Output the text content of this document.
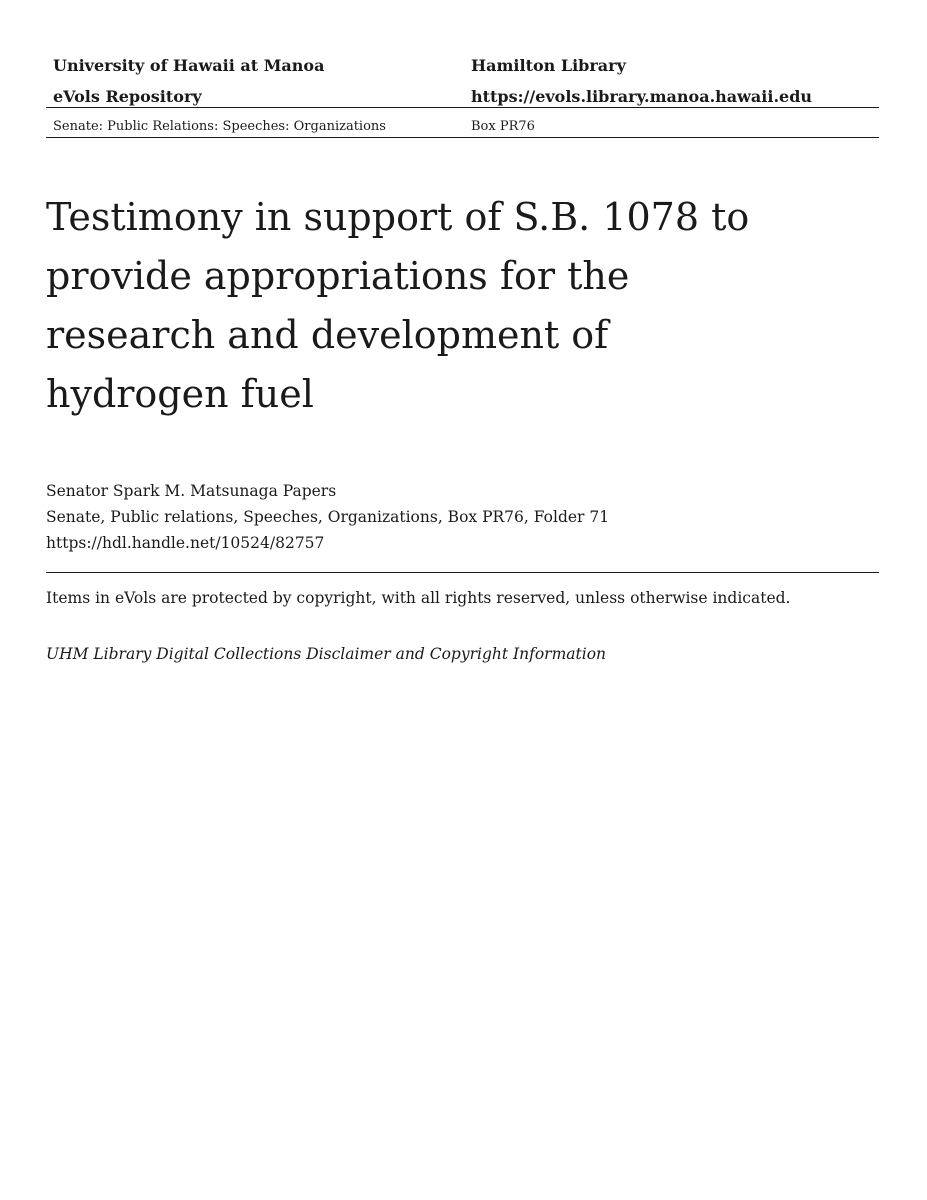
University of Hawaii at Manoa	Hamilton Library
eVols Repository	https://evols.library.manoa.hawaii.edu
Senate: Public Relations: Speeches: Organizations	Box PR76
Testimony in support of S.B. 1078 to provide appropriations for the research and development of hydrogen fuel
Senator Spark M. Matsunaga Papers
Senate, Public relations, Speeches, Organizations, Box PR76, Folder 71
https://hdl.handle.net/10524/82757
Items in eVols are protected by copyright, with all rights reserved, unless otherwise indicated.
UHM Library Digital Collections Disclaimer and Copyright Information
